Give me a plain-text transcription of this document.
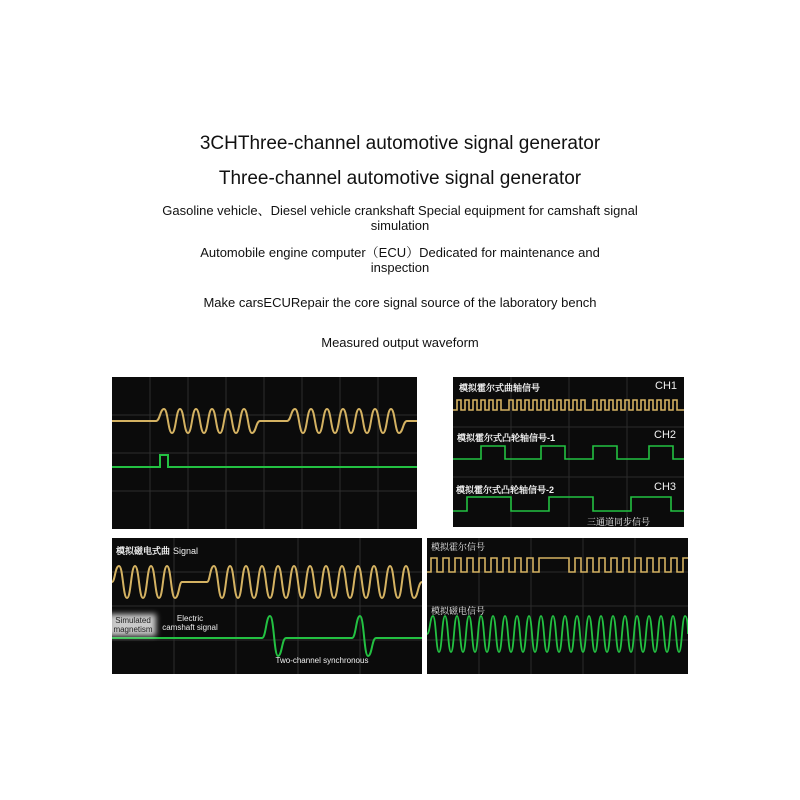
3CHThree-channel automotive signal generator
Three-channel automotive signal generator
Gasoline vehicle、Diesel vehicle crankshaft Special equipment for camshaft signal simulation
Automobile engine computer（ECU）Dedicated for maintenance and inspection
Make carsECURepair the core signal source of the laboratory bench
Measured output waveform
模拟霍尔式曲轴信号	CH1
模拟霍尔式凸轮轴信号-1	CH2
模拟霍尔式凸轮轴信号-2	CH3
三通道同步信号
模拟磁电式曲 Signal
Simulated magnetism
Electric camshaft signal
Two-channel synchronous
模拟霍尔信号
模拟磁电信号
